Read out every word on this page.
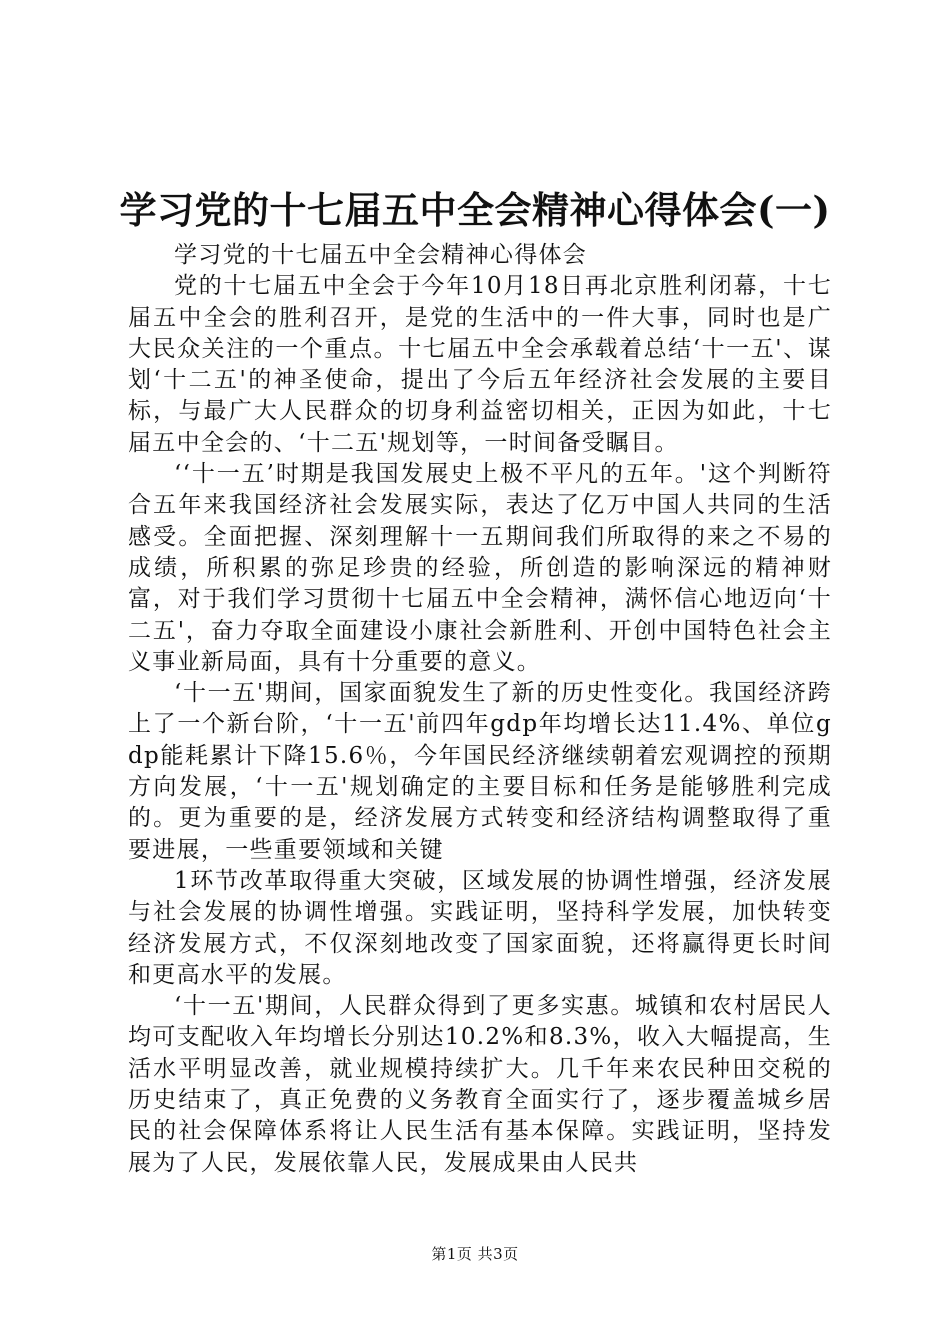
学习党的十七届五中全会精神心得体会(一)

学习党的十七届五中全会精神心得体会

党的十七届五中全会于今年10月18日再北京胜利闭幕，十七届五中全会的胜利召开，是党的生活中的一件大事，同时也是广大民众关注的一个重点。十七届五中全会承载着总结‘十一五'、谋划‘十二五'的神圣使命，提出了今后五年经济社会发展的主要目标，与最广大人民群众的切身利益密切相关，正因为如此，十七届五中全会的、‘十二五'规划等，一时间备受瞩目。

‘‘十一五’时期是我国发展史上极不平凡的五年。'这个判断符合五年来我国经济社会发展实际，表达了亿万中国人共同的生活感受。全面把握、深刻理解十一五期间我们所取得的来之不易的成绩，所积累的弥足珍贵的经验，所创造的影响深远的精神财富，对于我们学习贯彻十七届五中全会精神，满怀信心地迈向‘十二五'，奋力夺取全面建设小康社会新胜利、开创中国特色社会主义事业新局面，具有十分重要的意义。

‘十一五'期间，国家面貌发生了新的历史性变化。我国经济跨上了一个新台阶，‘十一五'前四年gdp年均增长达11.4%、单位gdp能耗累计下降15.6％，今年国民经济继续朝着宏观调控的预期方向发展，‘十一五'规划确定的主要目标和任务是能够胜利完成的。更为重要的是，经济发展方式转变和经济结构调整取得了重要进展，一些重要领域和关键

1环节改革取得重大突破，区域发展的协调性增强，经济发展与社会发展的协调性增强。实践证明，坚持科学发展，加快转变经济发展方式，不仅深刻地改变了国家面貌，还将赢得更长时间和更高水平的发展。

‘十一五'期间，人民群众得到了更多实惠。城镇和农村居民人均可支配收入年均增长分别达10.2%和8.3%，收入大幅提高，生活水平明显改善，就业规模持续扩大。几千年来农民种田交税的历史结束了，真正免费的义务教育全面实行了，逐步覆盖城乡居民的社会保障体系将让人民生活有基本保障。实践证明，坚持发展为了人民，发展依靠人民，发展成果由人民共

第1页 共3页
